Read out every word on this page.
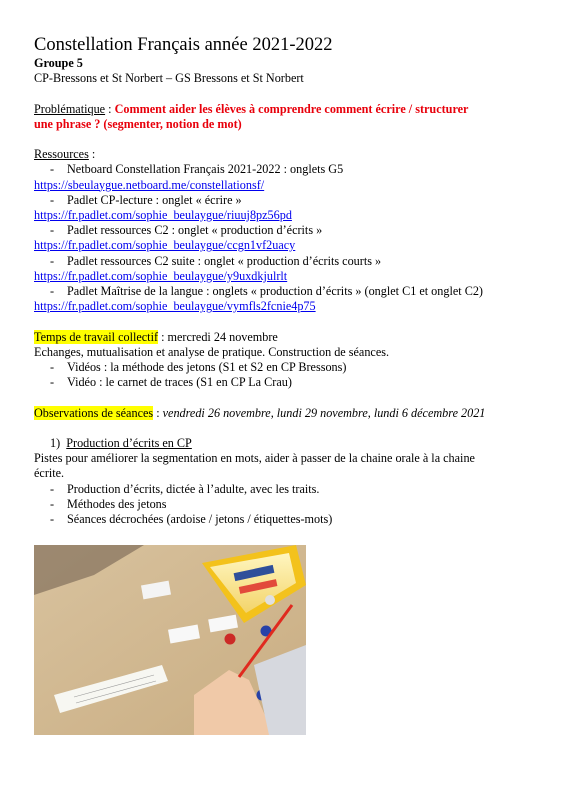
Constellation Français année 2021-2022

Groupe 5

CP-Bressons et St Norbert – GS Bressons et St Norbert

Problématique : Comment aider les élèves à comprendre comment écrire / structurer

une phrase ? (segmenter, notion de mot)

Ressources :

- Netboard Constellation Français 2021-2022 : onglets G5

https://sbeulaygue.netboard.me/constellationsf/

- Padlet CP-lecture : onglet « écrire »

https://fr.padlet.com/sophie_beulaygue/riuuj8pz56pd

- Padlet ressources C2 : onglet « production d’écrits »

https://fr.padlet.com/sophie_beulaygue/ccgn1vf2uacy

- Padlet ressources C2 suite : onglet « production d’écrits courts »

https://fr.padlet.com/sophie_beulaygue/y9uxdkjulrlt

- Padlet Maîtrise de la langue : onglets « production d’écrits » (onglet C1 et onglet C2)

https://fr.padlet.com/sophie_beulaygue/vymfls2fcnie4p75

Temps de travail collectif : mercredi 24 novembre

Echanges, mutualisation et analyse de pratique. Construction de séances.

- Vidéos : la méthode des jetons (S1 et S2 en CP Bressons)

- Vidéo : le carnet de traces (S1 en CP La Crau)

Observations de séances : vendredi 26 novembre, lundi 29 novembre, lundi 6 décembre 2021

1) Production d’écrits en CP

Pistes pour améliorer la segmentation en mots, aider à passer de la chaine orale à la chaine

écrite.

- Production d’écrits, dictée à l’adulte, avec les traits.

- Méthodes des jetons

- Séances décrochées (ardoise / jetons / étiquettes-mots)
